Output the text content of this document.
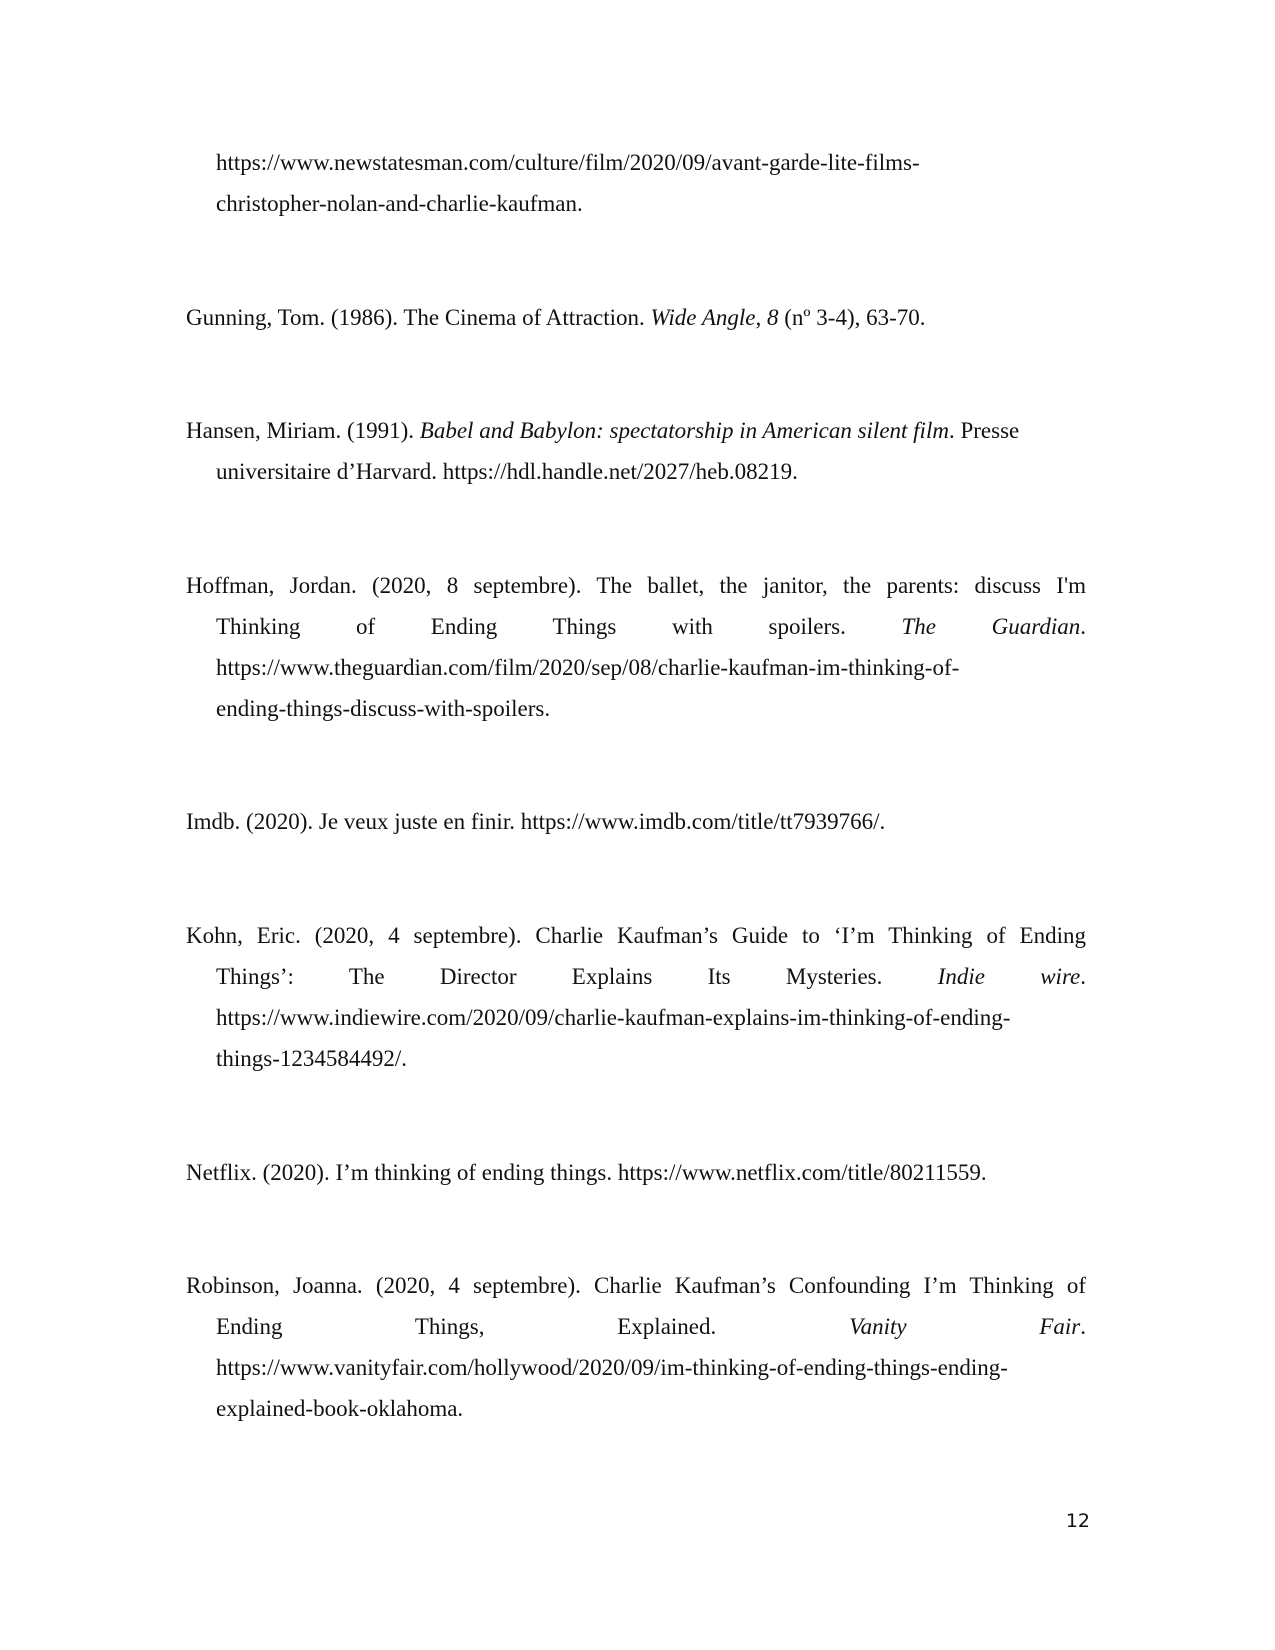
https://www.newstatesman.com/culture/film/2020/09/avant-garde-lite-films-
christopher-nolan-and-charlie-kaufman.
Gunning, Tom. (1986). The Cinema of Attraction. Wide Angle, 8 (nº 3-4), 63-70.
Hansen, Miriam. (1991). Babel and Babylon: spectatorship in American silent film. Presse
universitaire d’Harvard. https://hdl.handle.net/2027/heb.08219.
Hoffman, Jordan. (2020, 8 septembre). The ballet, the janitor, the parents: discuss I'm
Thinking of Ending Things with spoilers. The Guardian.
https://www.theguardian.com/film/2020/sep/08/charlie-kaufman-im-thinking-of-
ending-things-discuss-with-spoilers.
Imdb. (2020). Je veux juste en finir. https://www.imdb.com/title/tt7939766/.
Kohn, Eric. (2020, 4 septembre). Charlie Kaufman’s Guide to ‘I’m Thinking of Ending
Things’: The Director Explains Its Mysteries. Indie wire.
https://www.indiewire.com/2020/09/charlie-kaufman-explains-im-thinking-of-ending-
things-1234584492/.
Netflix. (2020). I’m thinking of ending things. https://www.netflix.com/title/80211559.
Robinson, Joanna. (2020, 4 septembre). Charlie Kaufman’s Confounding I’m Thinking of
Ending Things, Explained. Vanity Fair.
https://www.vanityfair.com/hollywood/2020/09/im-thinking-of-ending-things-ending-
explained-book-oklahoma.
12
